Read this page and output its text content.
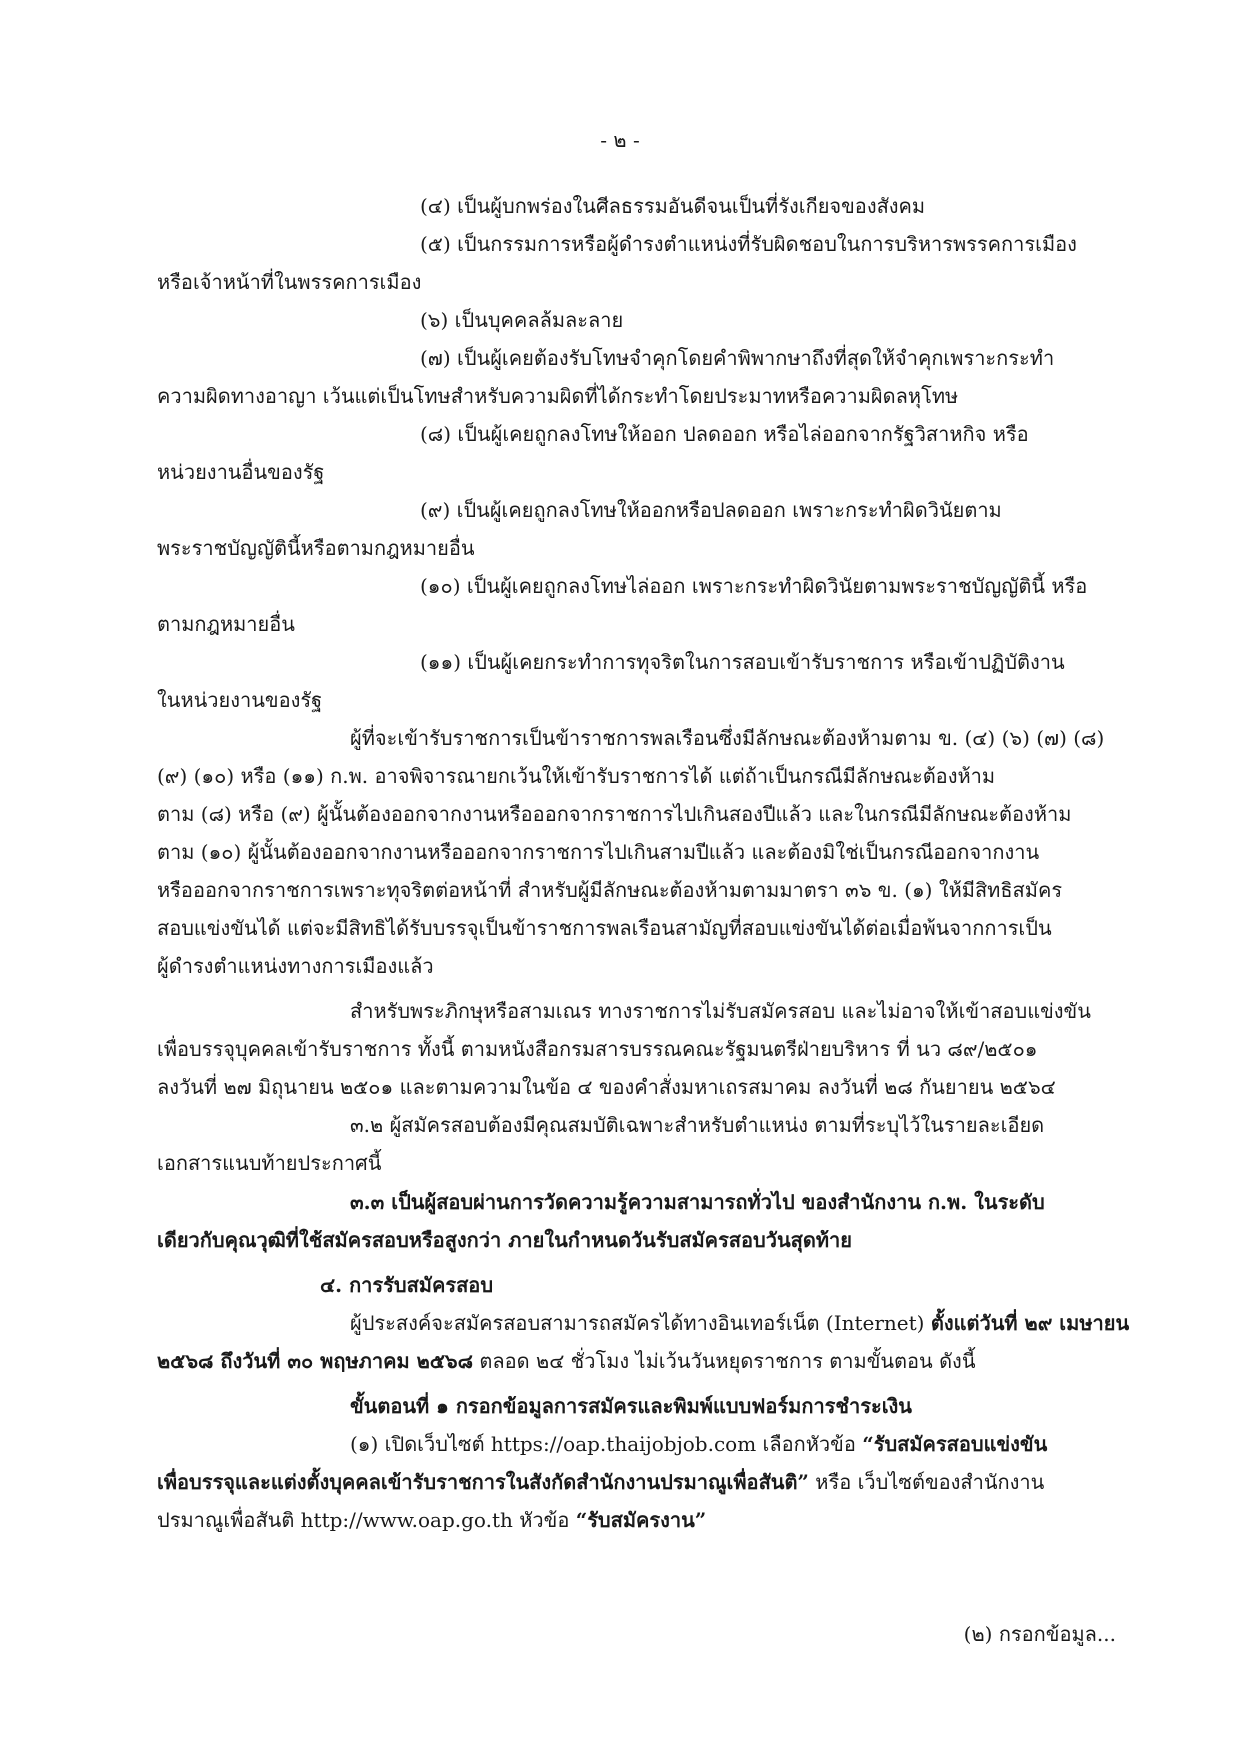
- ๒ -
(๔) เป็นผู้บกพร่องในศีลธรรมอันดีจนเป็นที่รังเกียจของสังคม
(๕) เป็นกรรมการหรือผู้ดำรงตำแหน่งที่รับผิดชอบในการบริหารพรรคการเมือง
หรือเจ้าหน้าที่ในพรรคการเมือง
(๖) เป็นบุคคลล้มละลาย
(๗) เป็นผู้เคยต้องรับโทษจำคุกโดยคำพิพากษาถึงที่สุดให้จำคุกเพราะกระทำ
ความผิดทางอาญา เว้นแต่เป็นโทษสำหรับความผิดที่ได้กระทำโดยประมาทหรือความผิดลหุโทษ
(๘) เป็นผู้เคยถูกลงโทษให้ออก ปลดออก หรือไล่ออกจากรัฐวิสาหกิจ หรือ
หน่วยงานอื่นของรัฐ
(๙) เป็นผู้เคยถูกลงโทษให้ออกหรือปลดออก เพราะกระทำผิดวินัยตาม
พระราชบัญญัตินี้หรือตามกฎหมายอื่น
(๑๐) เป็นผู้เคยถูกลงโทษไล่ออก เพราะกระทำผิดวินัยตามพระราชบัญญัตินี้ หรือ
ตามกฎหมายอื่น
(๑๑) เป็นผู้เคยกระทำการทุจริตในการสอบเข้ารับราชการ หรือเข้าปฏิบัติงาน
ในหน่วยงานของรัฐ
ผู้ที่จะเข้ารับราชการเป็นข้าราชการพลเรือนซึ่งมีลักษณะต้องห้ามตาม ข. (๔) (๖) (๗) (๘)
(๙) (๑๐) หรือ (๑๑) ก.พ. อาจพิจารณายกเว้นให้เข้ารับราชการได้ แต่ถ้าเป็นกรณีมีลักษณะต้องห้าม
ตาม (๘) หรือ (๙) ผู้นั้นต้องออกจากงานหรือออกจากราชการไปเกินสองปีแล้ว และในกรณีมีลักษณะต้องห้าม
ตาม (๑๐) ผู้นั้นต้องออกจากงานหรือออกจากราชการไปเกินสามปีแล้ว และต้องมิใช่เป็นกรณีออกจากงาน
หรือออกจากราชการเพราะทุจริตต่อหน้าที่ สำหรับผู้มีลักษณะต้องห้ามตามมาตรา ๓๖ ข. (๑) ให้มีสิทธิสมัคร
สอบแข่งขันได้ แต่จะมีสิทธิได้รับบรรจุเป็นข้าราชการพลเรือนสามัญที่สอบแข่งขันได้ต่อเมื่อพ้นจากการเป็น
ผู้ดำรงตำแหน่งทางการเมืองแล้ว
สำหรับพระภิกษุหรือสามเณร ทางราชการไม่รับสมัครสอบ และไม่อาจให้เข้าสอบแข่งขัน
เพื่อบรรจุบุคคลเข้ารับราชการ ทั้งนี้ ตามหนังสือกรมสารบรรณคณะรัฐมนตรีฝ่ายบริหาร ที่ นว ๘๙/๒๕๐๑
ลงวันที่ ๒๗ มิถุนายน ๒๕๐๑ และตามความในข้อ ๔ ของคำสั่งมหาเถรสมาคม ลงวันที่ ๒๘ กันยายน ๒๕๖๔
๓.๒ ผู้สมัครสอบต้องมีคุณสมบัติเฉพาะสำหรับตำแหน่ง ตามที่ระบุไว้ในรายละเอียด
เอกสารแนบท้ายประกาศนี้
๓.๓ เป็นผู้สอบผ่านการวัดความรู้ความสามารถทั่วไป ของสำนักงาน ก.พ. ในระดับ
เดียวกับคุณวุฒิที่ใช้สมัครสอบหรือสูงกว่า ภายในกำหนดวันรับสมัครสอบวันสุดท้าย
๔. การรับสมัครสอบ
ผู้ประสงค์จะสมัครสอบสามารถสมัครได้ทางอินเทอร์เน็ต (Internet) ตั้งแต่วันที่ ๒๙ เมษายน
๒๕๖๘ ถึงวันที่ ๓๐ พฤษภาคม ๒๕๖๘ ตลอด ๒๔ ชั่วโมง ไม่เว้นวันหยุดราชการ ตามขั้นตอน ดังนี้
ขั้นตอนที่ ๑ กรอกข้อมูลการสมัครและพิมพ์แบบฟอร์มการชำระเงิน
(๑) เปิดเว็บไซต์ https://oap.thaijobjob.com เลือกหัวข้อ “รับสมัครสอบแข่งขัน
เพื่อบรรจุและแต่งตั้งบุคคลเข้ารับราชการในสังกัดสำนักงานปรมาณูเพื่อสันติ” หรือ เว็บไซต์ของสำนักงาน
ปรมาณูเพื่อสันติ http://www.oap.go.th หัวข้อ “รับสมัครงาน”
(๒) กรอกข้อมูล...
